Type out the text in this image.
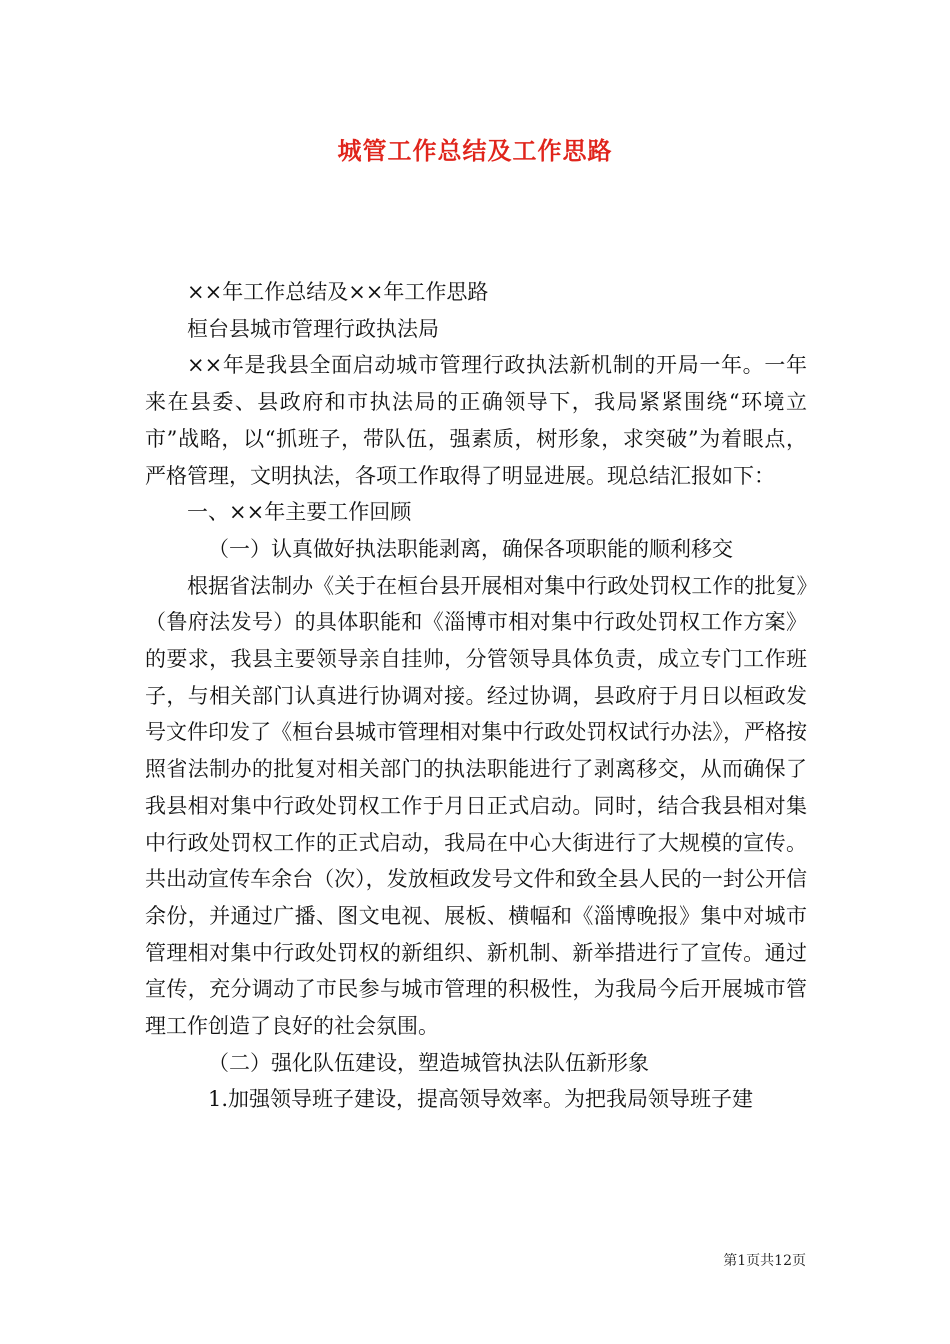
城管工作总结及工作思路

××年工作总结及××年工作思路

桓台县城市管理行政执法局

××年是我县全面启动城市管理行政执法新机制的开局一年。一年来在县委、县政府和市执法局的正确领导下，我局紧紧围绕“环境立市”战略，以“抓班子，带队伍，强素质，树形象，求突破”为着眼点，严格管理，文明执法，各项工作取得了明显进展。现总结汇报如下：

一、××年主要工作回顾

（一）认真做好执法职能剥离，确保各项职能的顺利移交

根据省法制办《关于在桓台县开展相对集中行政处罚权工作的批复》（鲁府法发号）的具体职能和《淄博市相对集中行政处罚权工作方案》的要求，我县主要领导亲自挂帅，分管领导具体负责，成立专门工作班子，与相关部门认真进行协调对接。经过协调，县政府于月日以桓政发号文件印发了《桓台县城市管理相对集中行政处罚权试行办法》，严格按照省法制办的批复对相关部门的执法职能进行了剥离移交，从而确保了我县相对集中行政处罚权工作于月日正式启动。同时，结合我县相对集中行政处罚权工作的正式启动，我局在中心大街进行了大规模的宣传。共出动宣传车余台（次），发放桓政发号文件和致全县人民的一封公开信余份，并通过广播、图文电视、展板、横幅和《淄博晚报》集中对城市管理相对集中行政处罚权的新组织、新机制、新举措进行了宣传。通过宣传，充分调动了市民参与城市管理的积极性，为我局今后开展城市管理工作创造了良好的社会氛围。

（二）强化队伍建设，塑造城管执法队伍新形象

1.加强领导班子建设，提高领导效率。为把我局领导班子建

第1页共12页
